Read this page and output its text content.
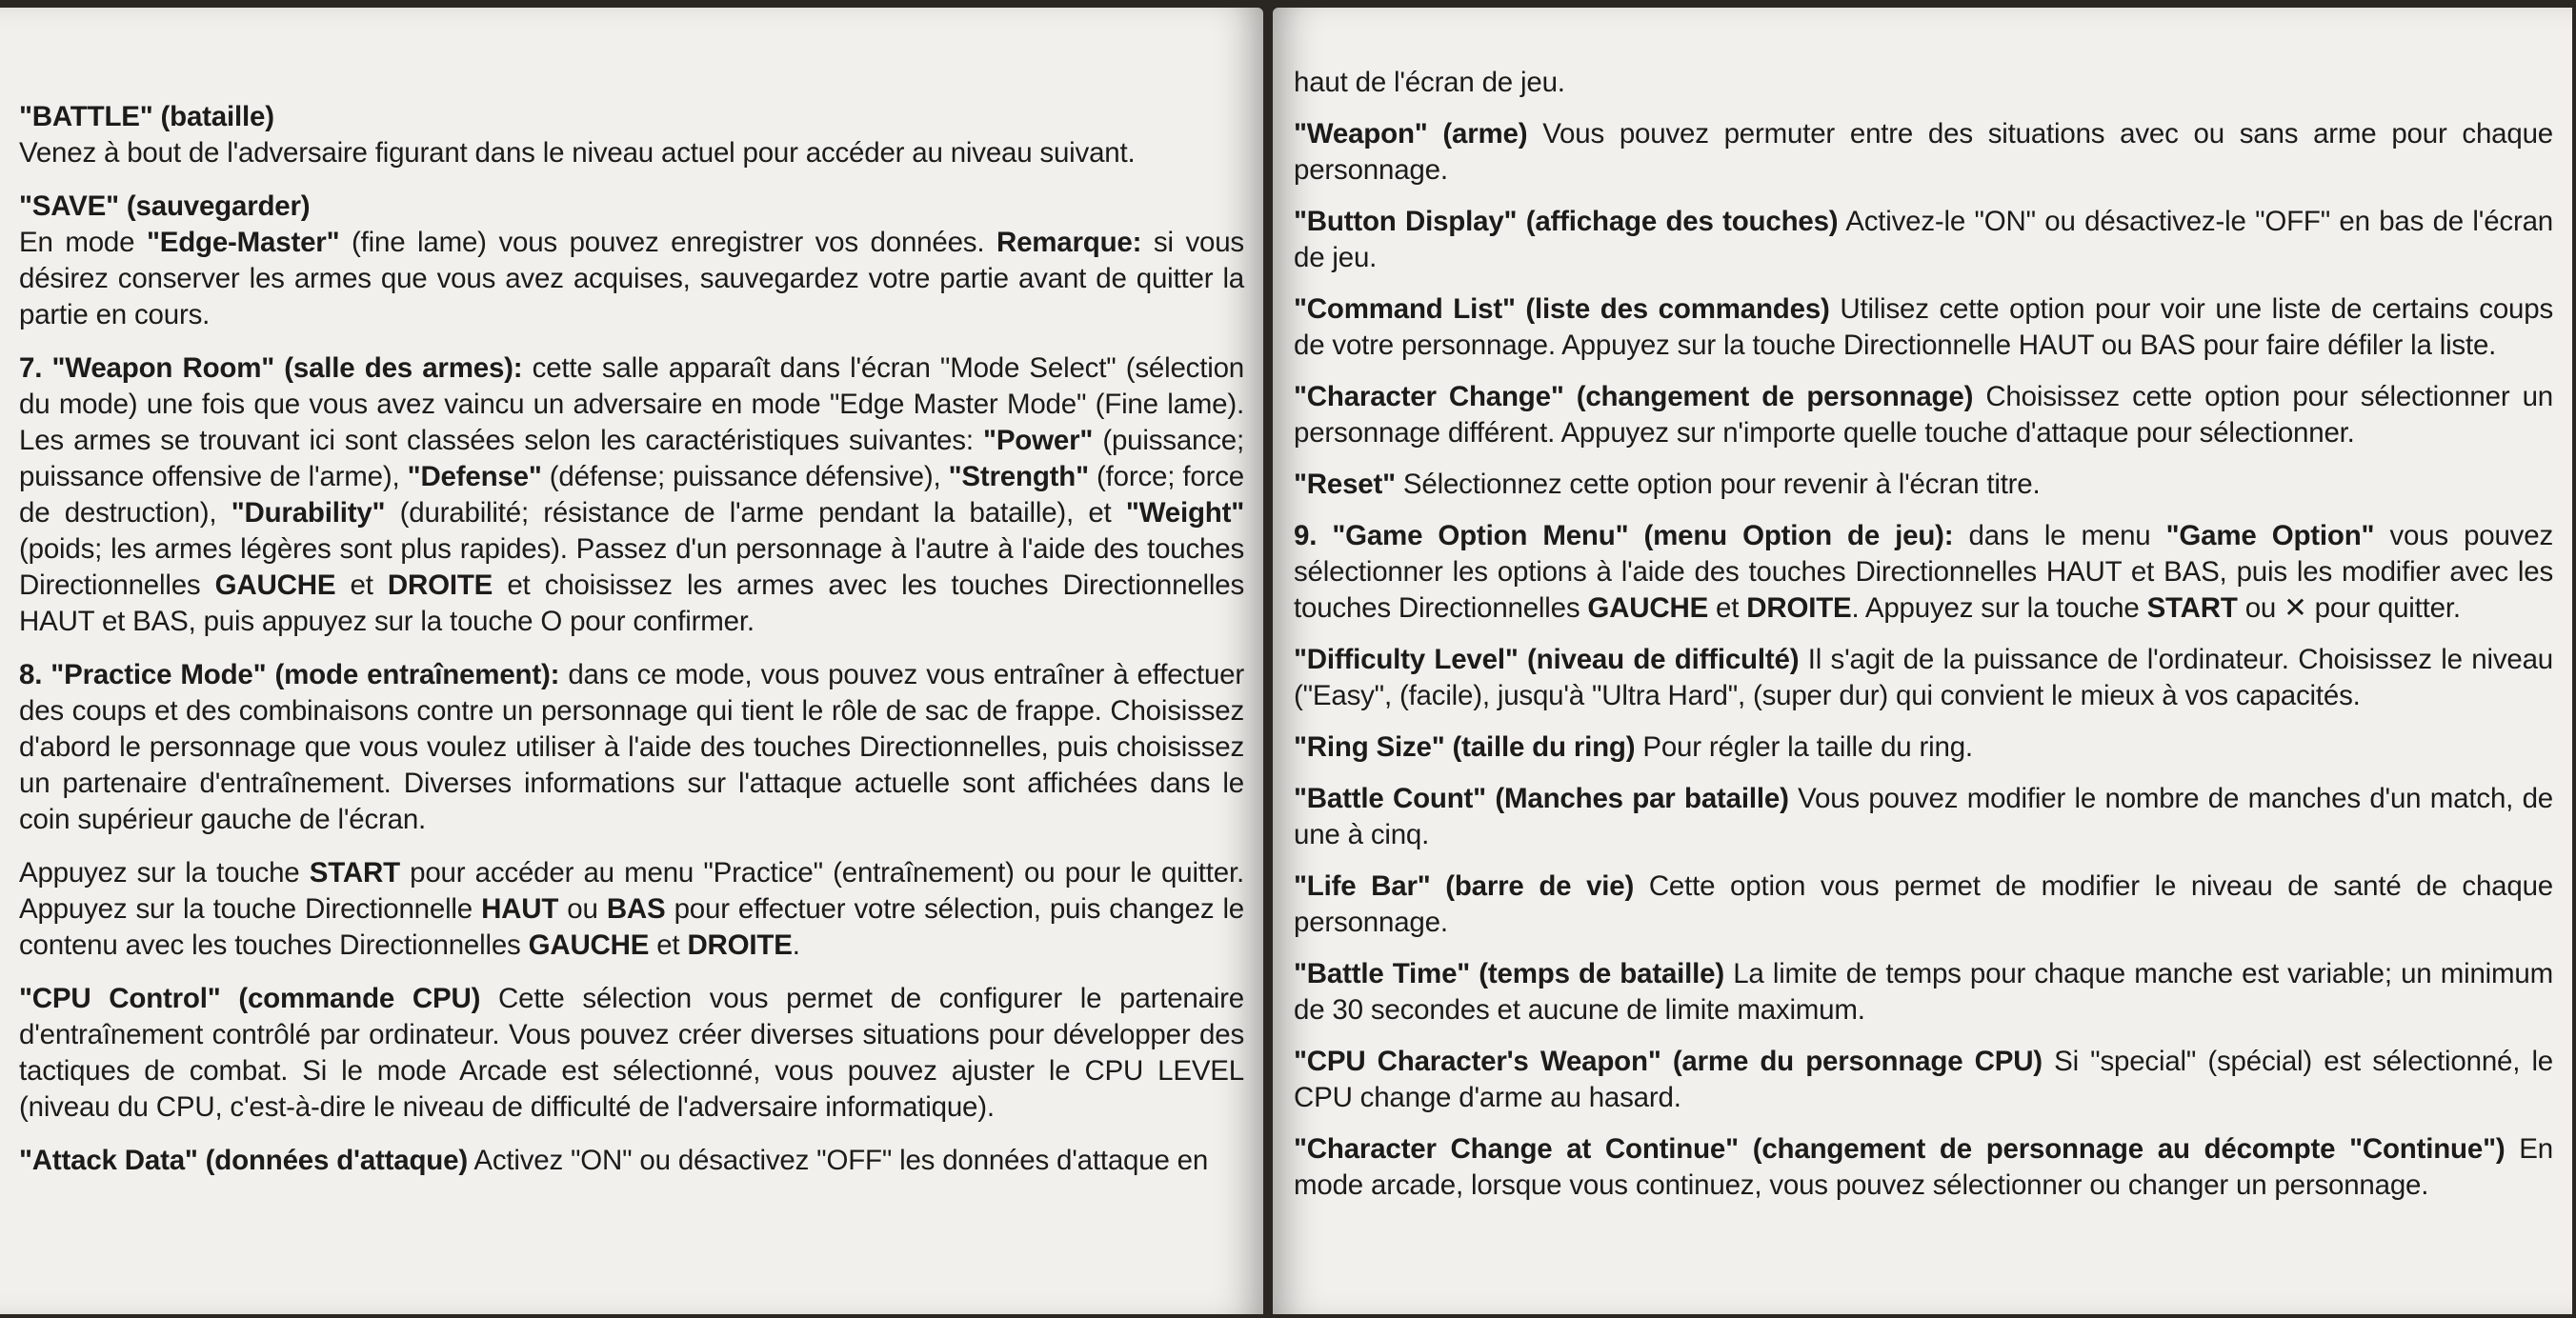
"BATTLE" (bataille)
Venez à bout de l'adversaire figurant dans le niveau actuel pour accéder au niveau suivant.

"SAVE" (sauvegarder)
En mode "Edge-Master" (fine lame) vous pouvez enregistrer vos données. Remarque: si vous désirez conserver les armes que vous avez acquises, sauvegardez votre partie avant de quitter la partie en cours.

7. "Weapon Room" (salle des armes): cette salle apparaît dans l'écran "Mode Select" (sélection du mode) une fois que vous avez vaincu un adversaire en mode "Edge Master Mode" (Fine lame). Les armes se trouvant ici sont classées selon les caractéristiques suivantes: "Power" (puissance; puissance offensive de l'arme), "Defense" (défense; puissance défensive), "Strength" (force; force de destruction), "Durability" (durabilité; résistance de l'arme pendant la bataille), et "Weight" (poids; les armes légères sont plus rapides). Passez d'un personnage à l'autre à l'aide des touches Directionnelles GAUCHE et DROITE et choisissez les armes avec les touches Directionnelles HAUT et BAS, puis appuyez sur la touche O pour confirmer.

8. "Practice Mode" (mode entraînement): dans ce mode, vous pouvez vous entraîner à effectuer des coups et des combinaisons contre un personnage qui tient le rôle de sac de frappe. Choisissez d'abord le personnage que vous voulez utiliser à l'aide des touches Directionnelles, puis choisissez un partenaire d'entraînement. Diverses informations sur l'attaque actuelle sont affichées dans le coin supérieur gauche de l'écran.

Appuyez sur la touche START pour accéder au menu "Practice" (entraînement) ou pour le quitter. Appuyez sur la touche Directionnelle HAUT ou BAS pour effectuer votre sélection, puis changez le contenu avec les touches Directionnelles GAUCHE et DROITE.

"CPU Control" (commande CPU) Cette sélection vous permet de configurer le partenaire d'entraînement contrôlé par ordinateur. Vous pouvez créer diverses situations pour développer des tactiques de combat. Si le mode Arcade est sélectionné, vous pouvez ajuster le CPU LEVEL (niveau du CPU, c'est-à-dire le niveau de difficulté de l'adversaire informatique).

"Attack Data" (données d'attaque) Activez "ON" ou désactivez "OFF" les données d'attaque en

haut de l'écran de jeu.

"Weapon" (arme) Vous pouvez permuter entre des situations avec ou sans arme pour chaque personnage.

"Button Display" (affichage des touches) Activez-le "ON" ou désactivez-le "OFF" en bas de l'écran de jeu.

"Command List" (liste des commandes) Utilisez cette option pour voir une liste de certains coups de votre personnage. Appuyez sur la touche Directionnelle HAUT ou BAS pour faire défiler la liste.

"Character Change" (changement de personnage) Choisissez cette option pour sélectionner un personnage différent. Appuyez sur n'importe quelle touche d'attaque pour sélectionner.

"Reset" Sélectionnez cette option pour revenir à l'écran titre.

9. "Game Option Menu" (menu Option de jeu): dans le menu "Game Option" vous pouvez sélectionner les options à l'aide des touches Directionnelles HAUT et BAS, puis les modifier avec les touches Directionnelles GAUCHE et DROITE. Appuyez sur la touche START ou ✕ pour quitter.

"Difficulty Level" (niveau de difficulté) Il s'agit de la puissance de l'ordinateur. Choisissez le niveau ("Easy", (facile), jusqu'à "Ultra Hard", (super dur) qui convient le mieux à vos capacités.

"Ring Size" (taille du ring) Pour régler la taille du ring.

"Battle Count" (Manches par bataille) Vous pouvez modifier le nombre de manches d'un match, de une à cinq.

"Life Bar" (barre de vie) Cette option vous permet de modifier le niveau de santé de chaque personnage.

"Battle Time" (temps de bataille) La limite de temps pour chaque manche est variable; un minimum de 30 secondes et aucune de limite maximum.

"CPU Character's Weapon" (arme du personnage CPU) Si "special" (spécial) est sélectionné, le CPU change d'arme au hasard.

"Character Change at Continue" (changement de personnage au décompte "Continue") En mode arcade, lorsque vous continuez, vous pouvez sélectionner ou changer un personnage.
